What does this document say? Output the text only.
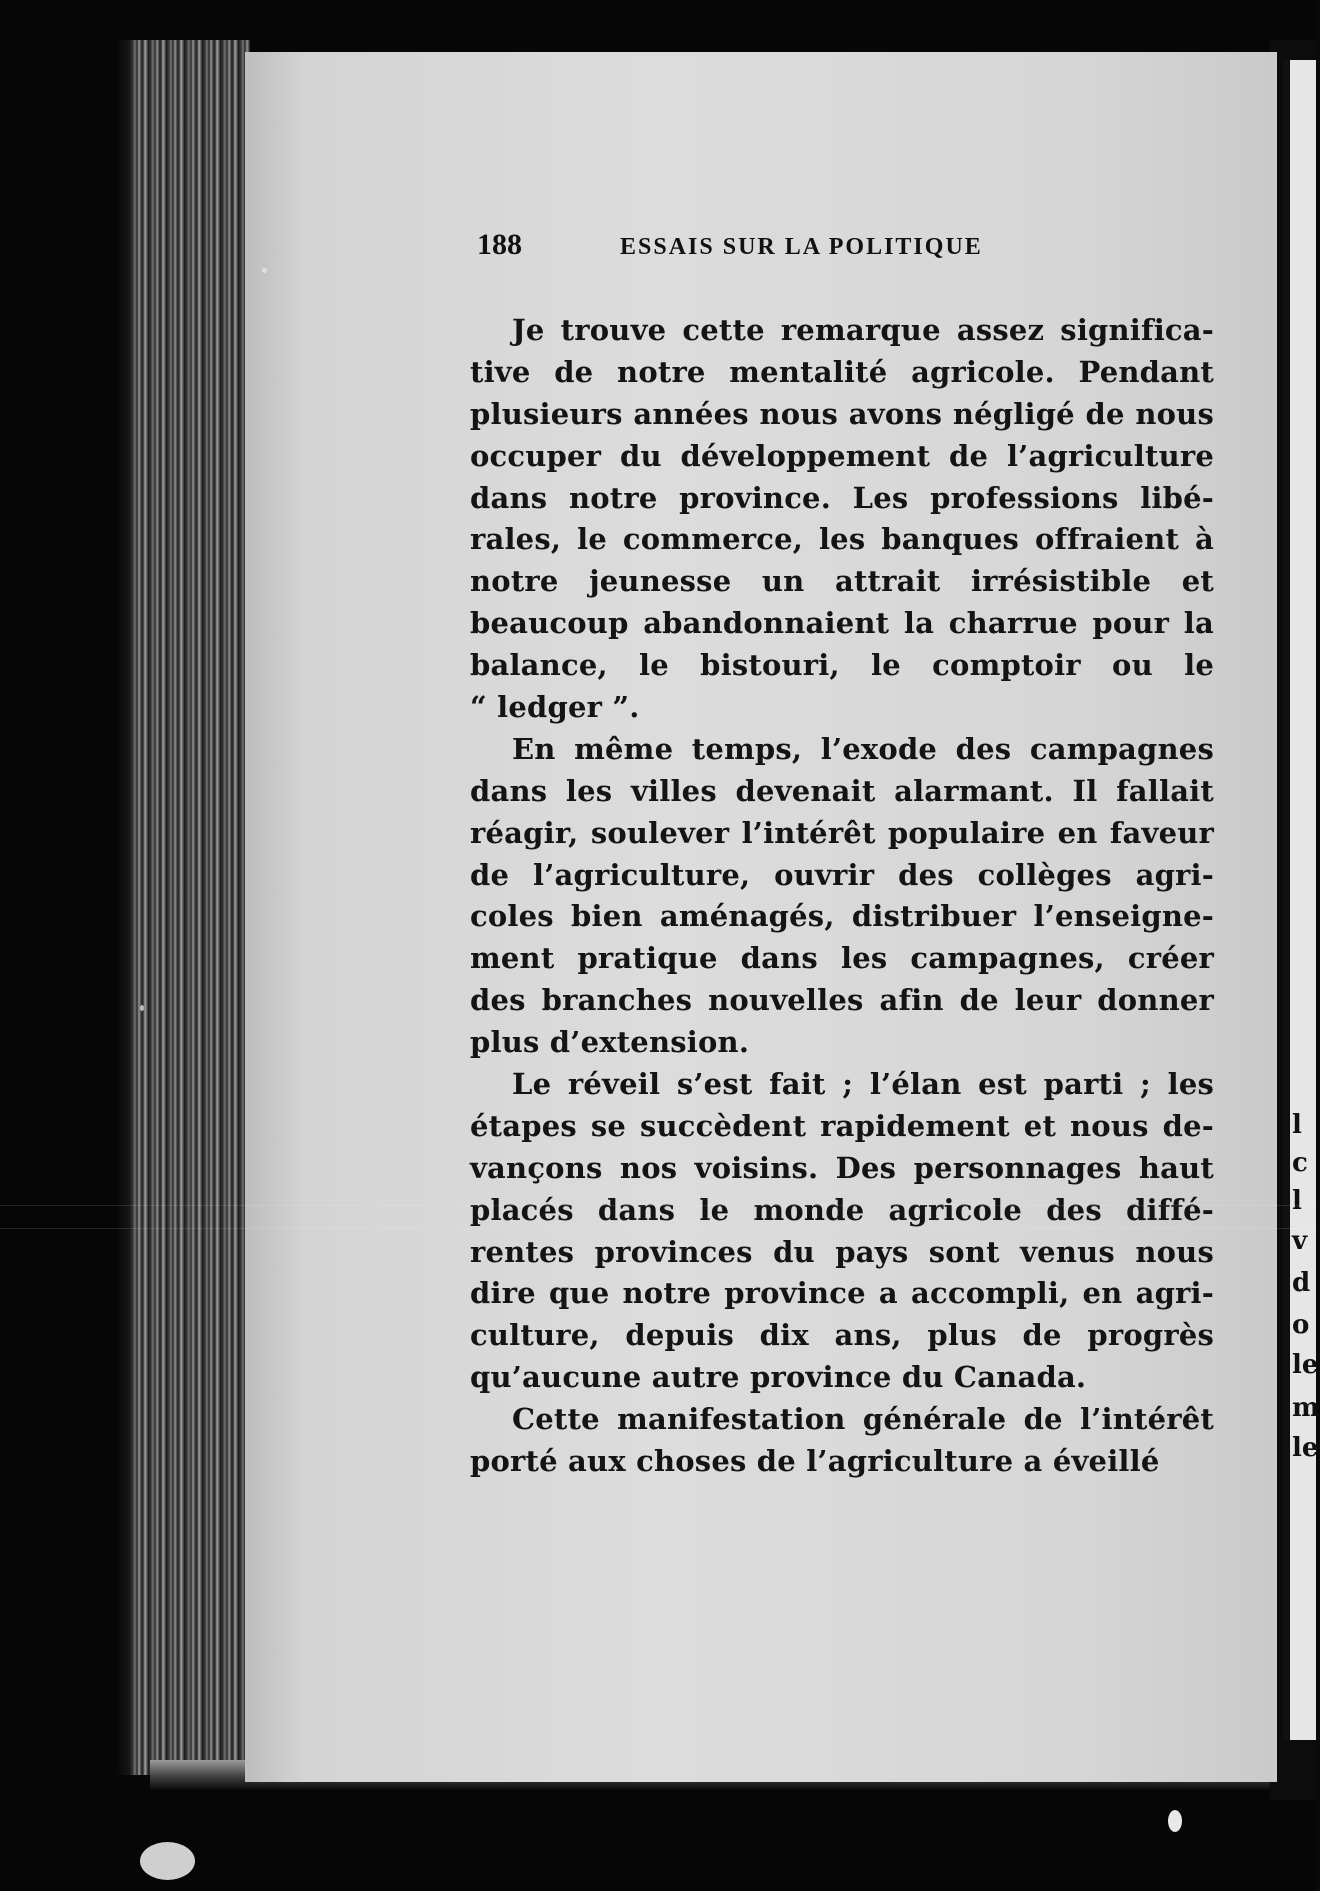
l
c
l
v
d
o
le
m
le
188	ESSAIS SUR LA POLITIQUE
Je trouve cette remarque assez significa-
tive de notre mentalité agricole. Pendant
plusieurs années nous avons négligé de nous
occuper du développement de l’agriculture
dans notre province. Les professions libé-
rales, le commerce, les banques offraient à
notre jeunesse un attrait irrésistible et
beaucoup abandonnaient la charrue pour la
balance, le bistouri, le comptoir ou le
“ ledger ”.
En même temps, l’exode des campagnes
dans les villes devenait alarmant. Il fallait
réagir, soulever l’intérêt populaire en faveur
de l’agriculture, ouvrir des collèges agri-
coles bien aménagés, distribuer l’enseigne-
ment pratique dans les campagnes, créer
des branches nouvelles afin de leur donner
plus d’extension.
Le réveil s’est fait ; l’élan est parti ; les
étapes se succèdent rapidement et nous de-
vançons nos voisins. Des personnages haut
placés dans le monde agricole des diffé-
rentes provinces du pays sont venus nous
dire que notre province a accompli, en agri-
culture, depuis dix ans, plus de progrès
qu’aucune autre province du Canada.
Cette manifestation générale de l’intérêt
porté aux choses de l’agriculture a éveillé
